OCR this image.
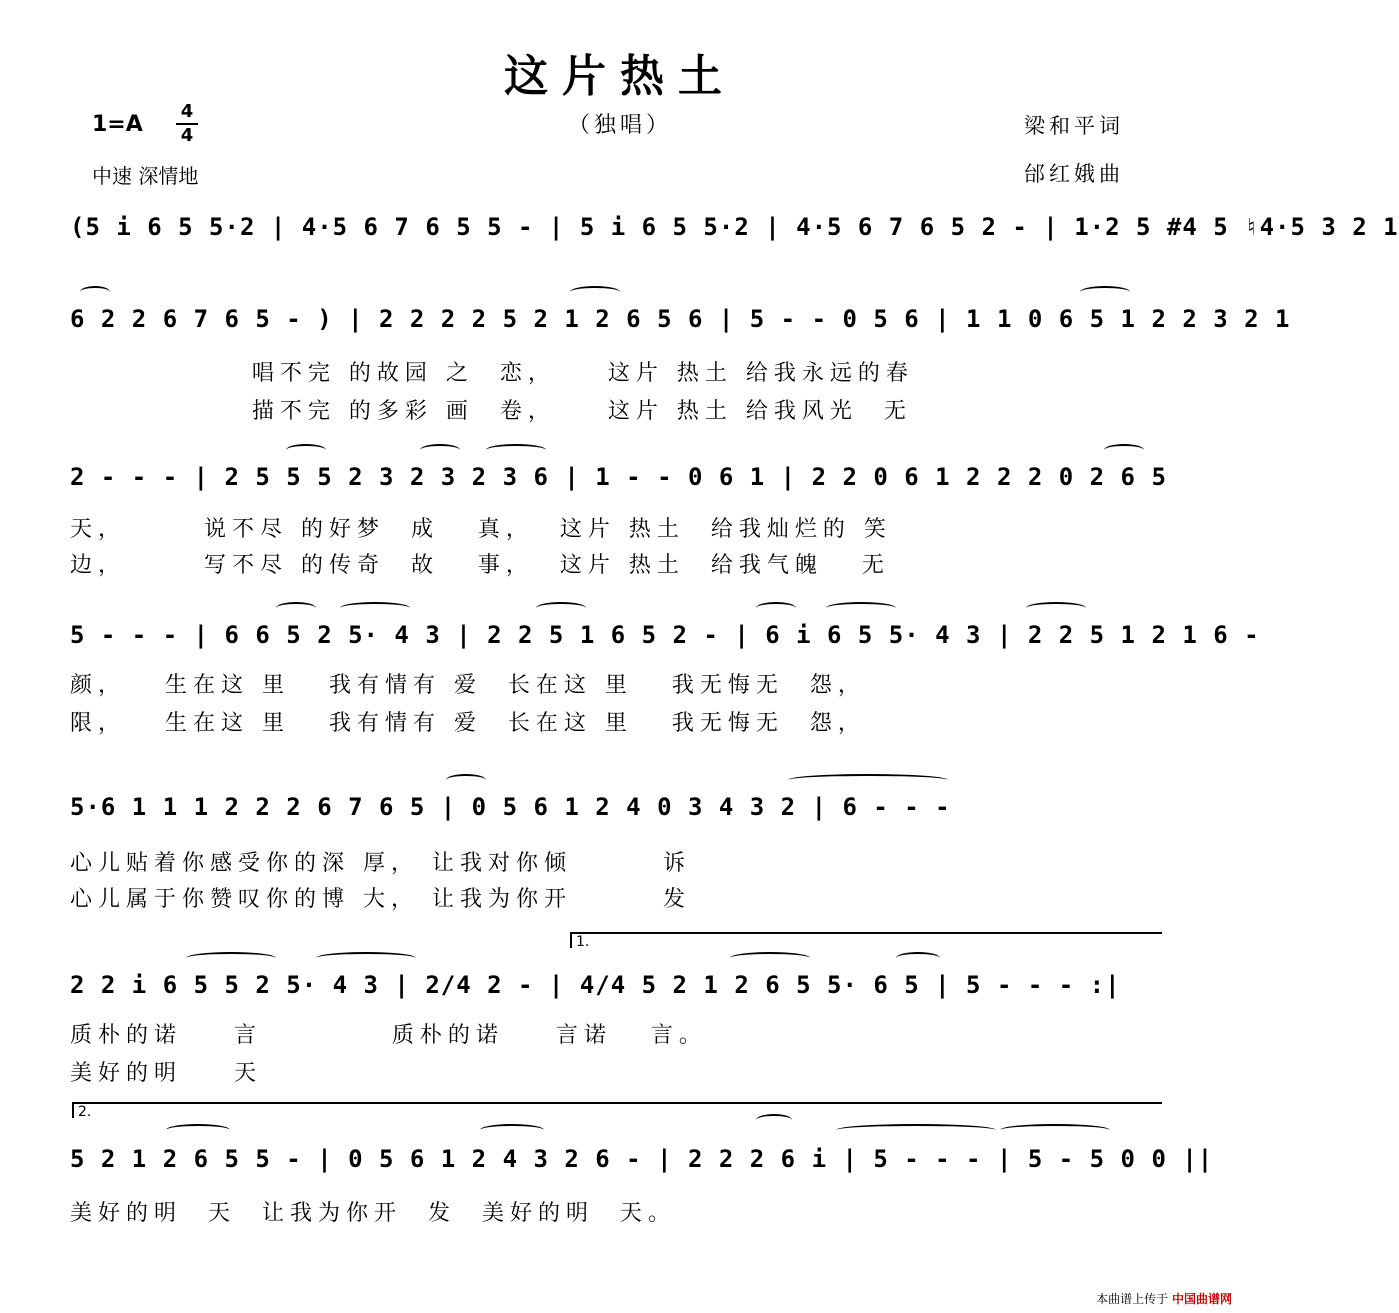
这片热土
（独唱）
1=A
4
4
中速 深情地
梁和平词
邰红娥曲
(5 i 6 5 5·2 | 4·5 6 7 6 5 5 - | 5 i 6 5 5·2 | 4·5 6 7 6 5 2 - | 1·2 5 #4 5 ♮4·5 3 2 1
6 2 2 6 7 6 5 - ) | 2 2 2 2 5 2 1 2 6 5 6 | 5 - - 0 5 6 | 1 1 0 6 5 1 2 2 3 2 1
唱不完 的故园 之  恋，    这片 热土 给我永远的春
描不完 的多彩 画  卷，    这片 热土 给我风光  无
2 - - - | 2 5 5 5 2 3 2 3 2 3 6 | 1 - - 0 6 1 | 2 2 0 6 1 2 2 2 0 2 6 5
天，      说不尽 的好梦  成   真，  这片 热土  给我灿烂的 笑
边，      写不尽 的传奇  故   事，  这片 热土  给我气魄   无
5 - - - | 6 6 5 2 5· 4 3 | 2 2 5 1 6 5 2 - | 6 i 6 5 5· 4 3 | 2 2 5 1 2 1 6 -
颜，   生在这 里   我有情有 爱  长在这 里   我无悔无  怨，
限，   生在这 里   我有情有 爱  长在这 里   我无悔无  怨，
5·6 1 1 1 2 2 2 6 7 6 5 | 0 5 6 1 2 4 0 3 4 3 2 | 6 - - -
心儿贴着你感受你的深 厚， 让我对你倾       诉
心儿属于你赞叹你的博 大， 让我为你开       发
1.
2 2 i 6 5 5 2 5· 4 3 | 2/4 2 - | 4/4 5 2 1 2 6 5 5· 6 5 | 5 - - - :|
质朴的诺    言          质朴的诺    言诺   言。
美好的明    天
2.
5 2 1 2 6 5 5 - | 0 5 6 1 2 4 3 2 6 - | 2 2 2 6 i | 5 - - - | 5 - 5 0 0 ||
美好的明  天  让我为你开  发  美好的明  天。
本曲谱上传于 中国曲谱网
